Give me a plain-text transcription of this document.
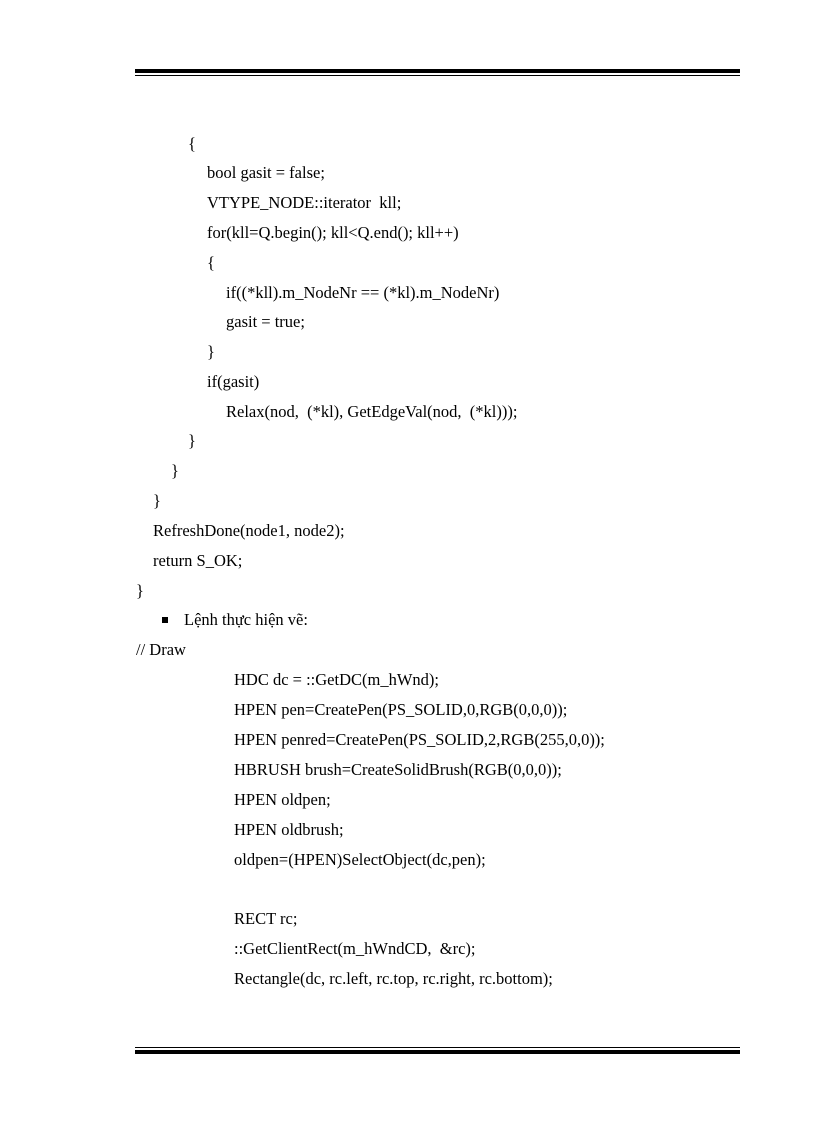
{
bool gasit = false;
VTYPE_NODE::iterator  kll;
for(kll=Q.begin(); kll<Q.end(); kll++)
{
if((*kll).m_NodeNr == (*kl).m_NodeNr)
gasit = true;
}
if(gasit)
Relax(nod,  (*kl), GetEdgeVal(nod,  (*kl)));
}
}
}
RefreshDone(node1, node2);
return S_OK;
}
Lệnh thực hiện vẽ:
// Draw
HDC dc = ::GetDC(m_hWnd);
HPEN pen=CreatePen(PS_SOLID,0,RGB(0,0,0));
HPEN penred=CreatePen(PS_SOLID,2,RGB(255,0,0));
HBRUSH brush=CreateSolidBrush(RGB(0,0,0));
HPEN oldpen;
HPEN oldbrush;
oldpen=(HPEN)SelectObject(dc,pen);
RECT rc;
::GetClientRect(m_hWndCD,  &rc);
Rectangle(dc, rc.left, rc.top, rc.right, rc.bottom);
